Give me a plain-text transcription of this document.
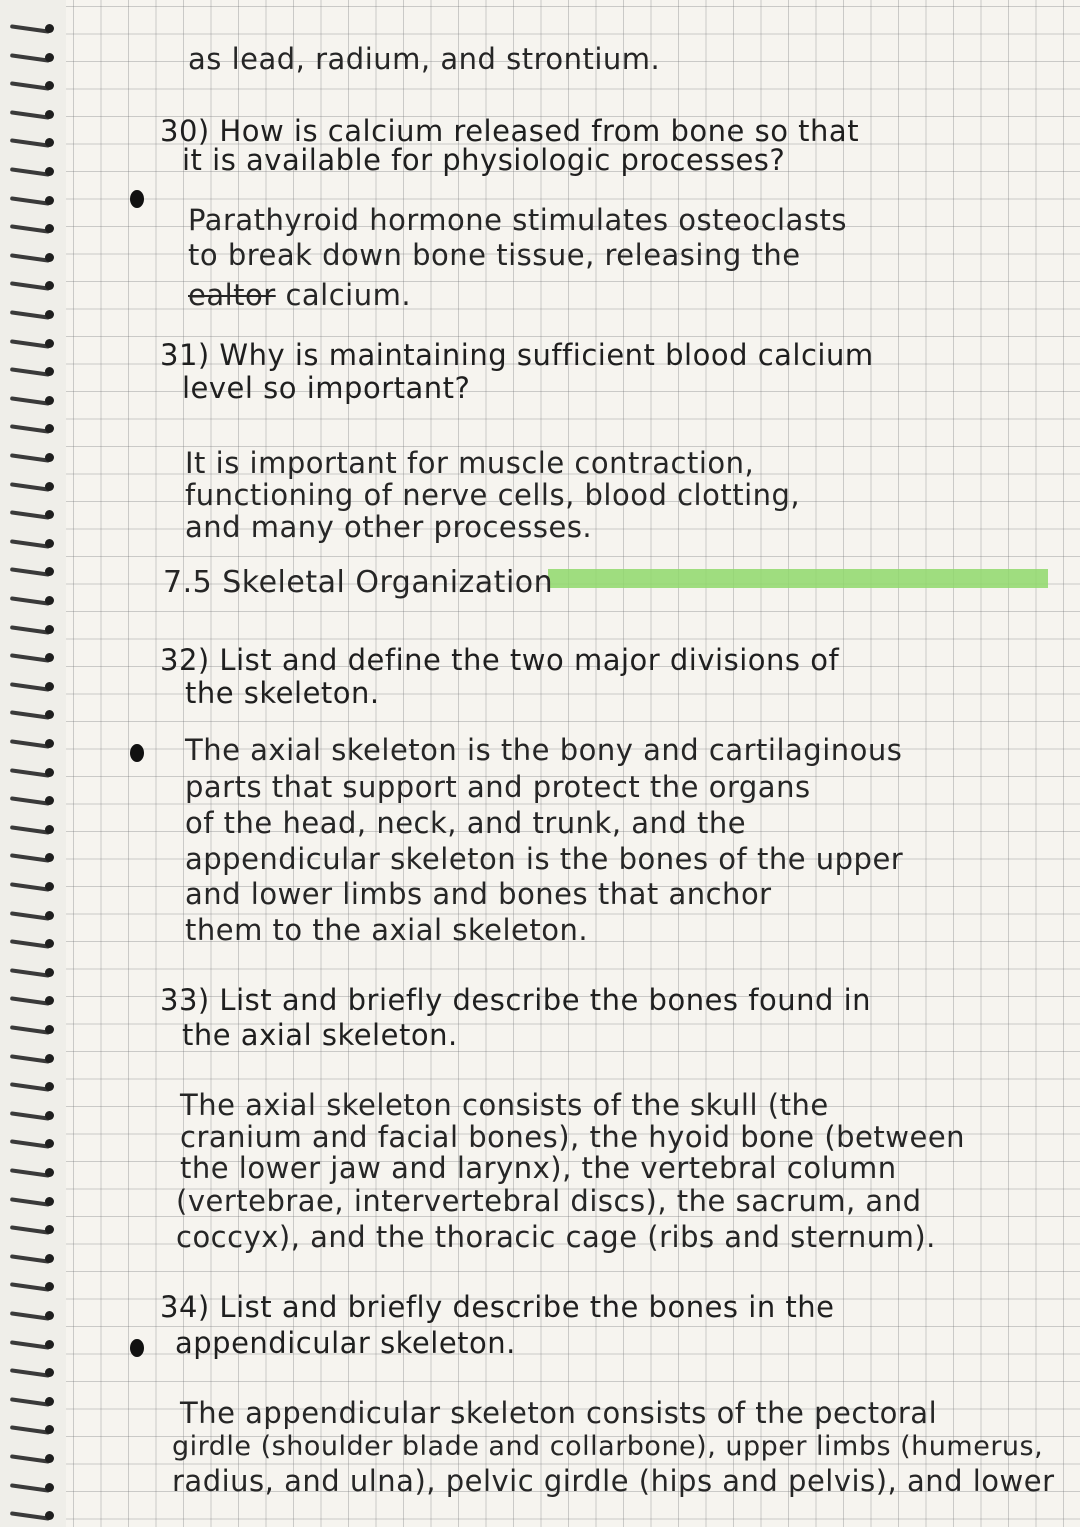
as lead, radium, and strontium.
30) How is calcium released from bone so that
it is available for physiologic processes?
Parathyroid hormone stimulates osteoclasts
to break down bone tissue, releasing the
ealtor calcium.
31) Why is maintaining sufficient blood calcium
level so important?
It is important for muscle contraction,
functioning of nerve cells, blood clotting,
and many other processes.
7.5 Skeletal Organization
32) List and define the two major divisions of
the skeleton.
The axial skeleton is the bony and cartilaginous
parts that support and protect the organs
of the head, neck, and trunk, and the
appendicular skeleton is the bones of the upper
and lower limbs and bones that anchor
them to the axial skeleton.
33) List and briefly describe the bones found in
the axial skeleton.
The axial skeleton consists of the skull (the
cranium and facial bones), the hyoid bone (between
the lower jaw and larynx), the vertebral column
(vertebrae, intervertebral discs), the sacrum, and
coccyx), and the thoracic cage (ribs and sternum).
34) List and briefly describe the bones in the
appendicular skeleton.
The appendicular skeleton consists of the pectoral
girdle (shoulder blade and collarbone), upper limbs (humerus,
radius, and ulna), pelvic girdle (hips and pelvis), and lower
